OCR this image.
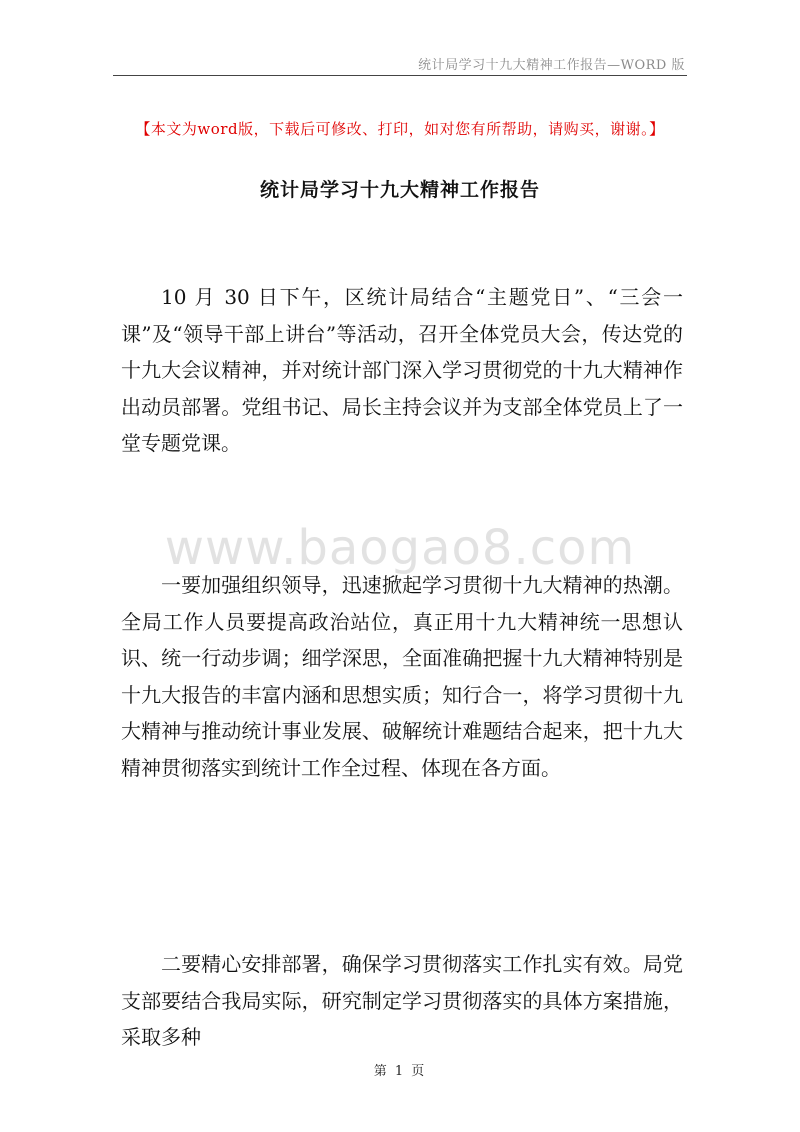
统计局学习十九大精神工作报告—WORD 版
【本文为word版，下载后可修改、打印，如对您有所帮助，请购买，谢谢。】
统计局学习十九大精神工作报告

10 月 30 日下午，区统计局结合“主题党日”、“三会一课”及“领导干部上讲台”等活动，召开全体党员大会，传达党的十九大会议精神，并对统计部门深入学习贯彻党的十九大精神作出动员部署。党组书记、局长主持会议并为支部全体党员上了一堂专题党课。

www.baogao8.com

一要加强组织领导，迅速掀起学习贯彻十九大精神的热潮。全局工作人员要提高政治站位，真正用十九大精神统一思想认识、统一行动步调；细学深思，全面准确把握十九大精神特别是十九大报告的丰富内涵和思想实质；知行合一，将学习贯彻十九大精神与推动统计事业发展、破解统计难题结合起来，把十九大精神贯彻落实到统计工作全过程、体现在各方面。

二要精心安排部署，确保学习贯彻落实工作扎实有效。局党支部要结合我局实际，研究制定学习贯彻落实的具体方案措施，采取多种

第 1 页
